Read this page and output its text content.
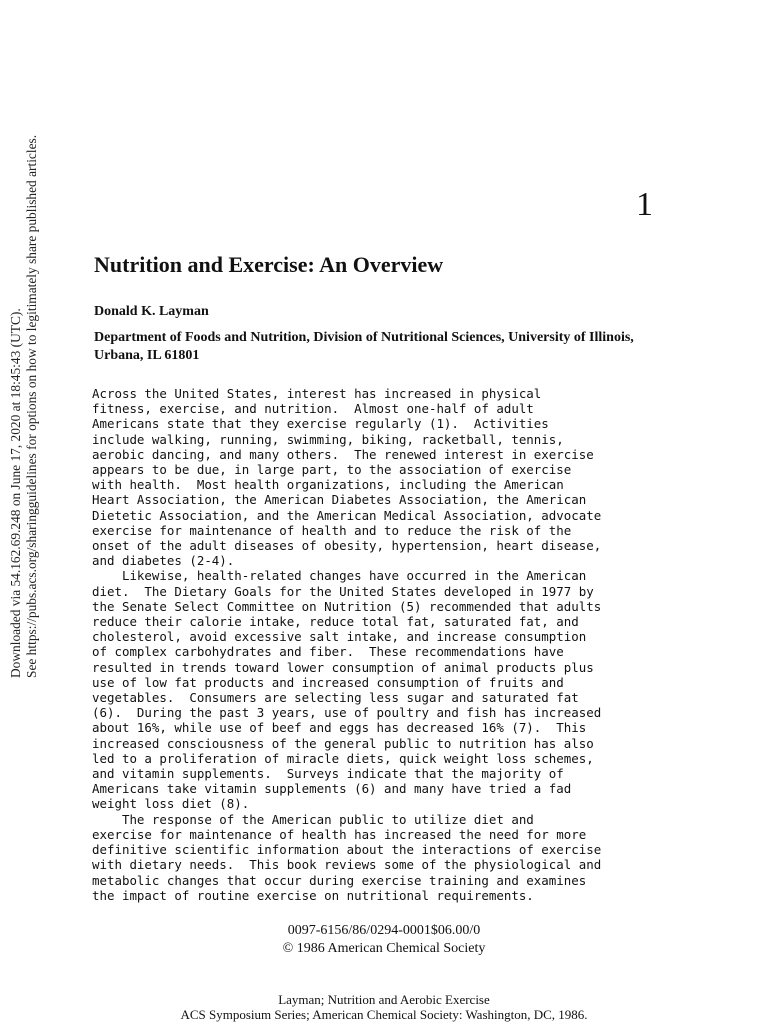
Downloaded via 54.162.69.248 on June 17, 2020 at 18:45:43 (UTC). See https://pubs.acs.org/sharingguidelines for options on how to legitimately share published articles.	1
Nutrition and Exercise: An Overview
Donald K. Layman
Department of Foods and Nutrition, Division of Nutritional Sciences, University of Illinois, Urbana, IL 61801
Across the United States, interest has increased in physical
fitness, exercise, and nutrition.  Almost one-half of adult
Americans state that they exercise regularly (1).  Activities
include walking, running, swimming, biking, racketball, tennis,
aerobic dancing, and many others.  The renewed interest in exercise
appears to be due, in large part, to the association of exercise
with health.  Most health organizations, including the American
Heart Association, the American Diabetes Association, the American
Dietetic Association, and the American Medical Association, advocate
exercise for maintenance of health and to reduce the risk of the
onset of the adult diseases of obesity, hypertension, heart disease,
and diabetes (2-4).
Likewise, health-related changes have occurred in the American
diet.  The Dietary Goals for the United States developed in 1977 by
the Senate Select Committee on Nutrition (5) recommended that adults
reduce their calorie intake, reduce total fat, saturated fat, and
cholesterol, avoid excessive salt intake, and increase consumption
of complex carbohydrates and fiber.  These recommendations have
resulted in trends toward lower consumption of animal products plus
use of low fat products and increased consumption of fruits and
vegetables.  Consumers are selecting less sugar and saturated fat
(6).  During the past 3 years, use of poultry and fish has increased
about 16%, while use of beef and eggs has decreased 16% (7).  This
increased consciousness of the general public to nutrition has also
led to a proliferation of miracle diets, quick weight loss schemes,
and vitamin supplements.  Surveys indicate that the majority of
Americans take vitamin supplements (6) and many have tried a fad
weight loss diet (8).
The response of the American public to utilize diet and
exercise for maintenance of health has increased the need for more
definitive scientific information about the interactions of exercise
with dietary needs.  This book reviews some of the physiological and
metabolic changes that occur during exercise training and examines
the impact of routine exercise on nutritional requirements.
0097-6156/86/0294-0001$06.00/0
© 1986 American Chemical Society
Layman; Nutrition and Aerobic Exercise
ACS Symposium Series; American Chemical Society: Washington, DC, 1986.
